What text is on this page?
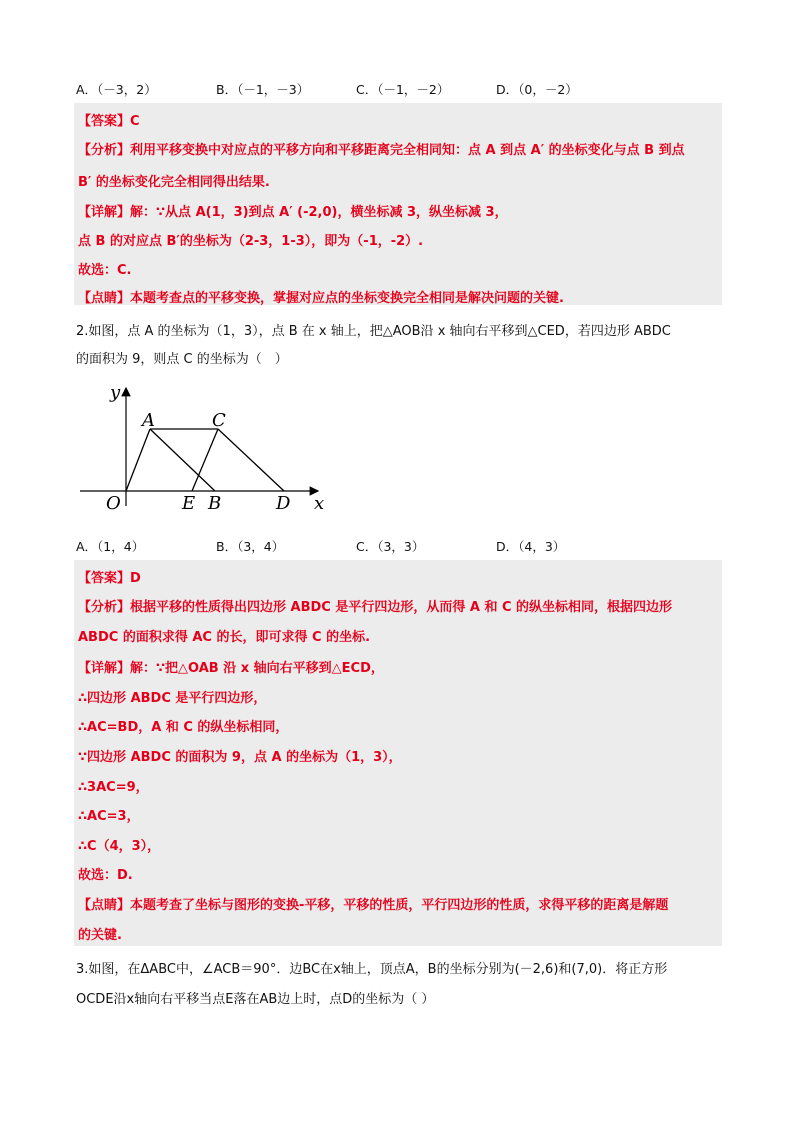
A．（－3，2）	B．（－1，－3）	C．（－1，－2）	D．（0，－2）
【答案】C
【分析】利用平移变换中对应点的平移方向和平移距离完全相同知：点 A 到点 A′ 的坐标变化与点 B 到点
B′ 的坐标变化完全相同得出结果.
【详解】解：∵从点 A(1，3)到点 A′ (-2,0)，横坐标减 3，纵坐标减 3，
点 B 的对应点 B′的坐标为（2-3，1-3），即为（-1，-2）.
故选：C.
【点睛】本题考查点的平移变换，掌握对应点的坐标变换完全相同是解决问题的关键.
2.如图，点 A 的坐标为（1，3），点 B 在 x 轴上，把△AOB沿 x 轴向右平移到△CED，若四边形 ABDC
的面积为 9，则点 C 的坐标为（　）
y
x
O
A	C
E B	D
A．（1，4）	B．（3，4）	C．（3，3）	D．（4，3）
【答案】D
【分析】根据平移的性质得出四边形 ABDC 是平行四边形，从而得 A 和 C 的纵坐标相同，根据四边形
ABDC 的面积求得 AC 的长，即可求得 C 的坐标.
【详解】解：∵把△OAB 沿 x 轴向右平移到△ECD，
∴四边形 ABDC 是平行四边形，
∴AC=BD，A 和 C 的纵坐标相同，
∵四边形 ABDC 的面积为 9，点 A 的坐标为（1，3），
∴3AC=9，
∴AC=3，
∴C（4，3），
故选：D.
【点睛】本题考查了坐标与图形的变换-平移，平移的性质，平行四边形的性质，求得平移的距离是解题
的关键.
3.如图，在ΔABC中，∠ACB＝90°．边BC在x轴上，顶点A，B的坐标分别为(－2,6)和(7,0)．将正方形
OCDE沿x轴向右平移当点E落在AB边上时，点D的坐标为（ ）
